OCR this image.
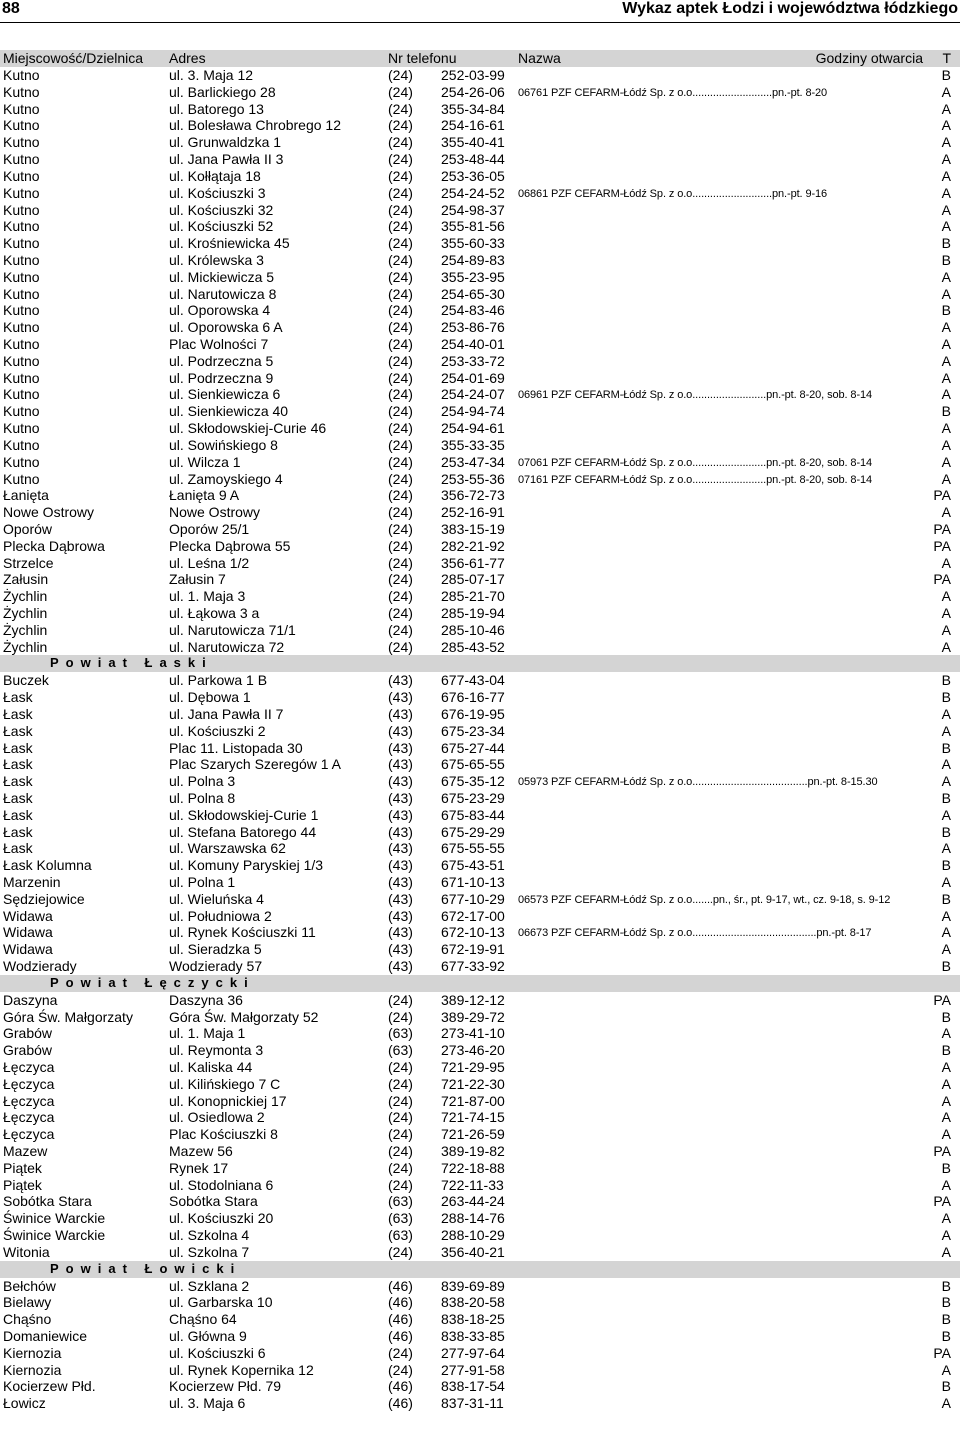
88	Wykaz aptek Łodzi i województwa łódzkiego
Miejscowość/Dzielnica Adres	Nr telefonu	Nazwa	Godziny otwarcia T
Kutno	ul. 3. Maja 12	(24) 252-03-99	B
Kutno	ul. Barlickiego 28	(24) 254-26-06 06761 PZF CEFARM-Łódź Sp. z o.o...........................pn.-pt. 8-20	A
Kutno	ul. Batorego 13	(24) 355-34-84	A
Kutno	ul. Bolesława Chrobrego 12	(24) 254-16-61	A
Kutno	ul. Grunwaldzka 1	(24) 355-40-41	A
Kutno	ul. Jana Pawła II 3	(24) 253-48-44	A
Kutno	ul. Kołłątaja 18	(24) 253-36-05	A
Kutno	ul. Kościuszki 3	(24) 254-24-52 06861 PZF CEFARM-Łódź Sp. z o.o...........................pn.-pt. 9-16	A
Kutno	ul. Kościuszki 32	(24) 254-98-37	A
Kutno	ul. Kościuszki 52	(24) 355-81-56	A
Kutno	ul. Krośniewicka 45	(24) 355-60-33	B
Kutno	ul. Królewska 3	(24) 254-89-83	B
Kutno	ul. Mickiewicza 5	(24) 355-23-95	A
Kutno	ul. Narutowicza 8	(24) 254-65-30	A
Kutno	ul. Oporowska 4	(24) 254-83-46	B
Kutno	ul. Oporowska 6 A	(24) 253-86-76	A
Kutno	Plac Wolności 7	(24) 254-40-01	A
Kutno	ul. Podrzeczna 5	(24) 253-33-72	A
Kutno	ul. Podrzeczna 9	(24) 254-01-69	A
Kutno	ul. Sienkiewicza 6	(24) 254-24-07 06961 PZF CEFARM-Łódź Sp. z o.o.........................pn.-pt. 8-20, sob. 8-14	A
Kutno	ul. Sienkiewicza 40	(24) 254-94-74	B
Kutno	ul. Skłodowskiej-Curie 46	(24) 254-94-61	A
Kutno	ul. Sowińskiego 8	(24) 355-33-35	A
Kutno	ul. Wilcza 1	(24) 253-47-34 07061 PZF CEFARM-Łódź Sp. z o.o.........................pn.-pt. 8-20, sob. 8-14	A
Kutno	ul. Zamoyskiego 4	(24) 253-55-36 07161 PZF CEFARM-Łódź Sp. z o.o.........................pn.-pt. 8-20, sob. 8-14	A
Łanięta	Łanięta 9 A	(24) 356-72-73	PA
Nowe Ostrowy	Nowe Ostrowy	(24) 252-16-91	A
Oporów	Oporów 25/1	(24) 383-15-19	PA
Plecka Dąbrowa	Plecka Dąbrowa 55	(24) 282-21-92	PA
Strzelce	ul. Leśna 1/2	(24) 356-61-77	A
Załusin	Załusin 7	(24) 285-07-17	PA
Żychlin	ul. 1. Maja 3	(24) 285-21-70	A
Żychlin	ul. Łąkowa 3 a	(24) 285-19-94	A
Żychlin	ul. Narutowicza 71/1	(24) 285-10-46	A
Żychlin	ul. Narutowicza 72	(24) 285-43-52	A
Powiat Łaski
Buczek	ul. Parkowa 1 B	(43) 677-43-04	B
Łask	ul. Dębowa 1	(43) 676-16-77	B
Łask	ul. Jana Pawła II 7	(43) 676-19-95	A
Łask	ul. Kościuszki 2	(43) 675-23-34	A
Łask	Plac 11. Listopada 30	(43) 675-27-44	B
Łask	Plac Szarych Szeregów 1 A	(43) 675-65-55	A
Łask	ul. Polna 3	(43) 675-35-12 05973 PZF CEFARM-Łódź Sp. z o.o.......................................pn.-pt. 8-15.30	A
Łask	ul. Polna 8	(43) 675-23-29	B
Łask	ul. Skłodowskiej-Curie 1	(43) 675-83-44	A
Łask	ul. Stefana Batorego 44	(43) 675-29-29	B
Łask	ul. Warszawska 62	(43) 675-55-55	A
Łask Kolumna	ul. Komuny Paryskiej 1/3	(43) 675-43-51	B
Marzenin	ul. Polna 1	(43) 671-10-13	A
Sędziejowice	ul. Wieluńska 4	(43) 677-10-29 06573 PZF CEFARM-Łódź Sp. z o.o.......pn., śr., pt. 9-17, wt., cz. 9-18, s. 9-12	B
Widawa	ul. Południowa 2	(43) 672-17-00	A
Widawa	ul. Rynek Kościuszki 11	(43) 672-10-13 06673 PZF CEFARM-Łódź Sp. z o.o..........................................pn.-pt. 8-17	A
Widawa	ul. Sieradzka 5	(43) 672-19-91	A
Wodzierady	Wodzierady 57	(43) 677-33-92	B
Powiat Łęczycki
Daszyna	Daszyna 36	(24) 389-12-12	PA
Góra Św. Małgorzaty	Góra Św. Małgorzaty 52	(24) 389-29-72	B
Grabów	ul. 1. Maja 1	(63) 273-41-10	A
Grabów	ul. Reymonta 3	(63) 273-46-20	B
Łęczyca	ul. Kaliska 44	(24) 721-29-95	A
Łęczyca	ul. Kilińskiego 7 C	(24) 721-22-30	A
Łęczyca	ul. Konopnickiej 17	(24) 721-87-00	A
Łęczyca	ul. Osiedlowa 2	(24) 721-74-15	A
Łęczyca	Plac Kościuszki 8	(24) 721-26-59	A
Mazew	Mazew 56	(24) 389-19-82	PA
Piątek	Rynek 17	(24) 722-18-88	B
Piątek	ul. Stodolniana 6	(24) 722-11-33	A
Sobótka Stara	Sobótka Stara	(63) 263-44-24	PA
Świnice Warckie	ul. Kościuszki 20	(63) 288-14-76	A
Świnice Warckie	ul. Szkolna 4	(63) 288-10-29	A
Witonia	ul. Szkolna 7	(24) 356-40-21	A
Powiat Łowicki
Bełchów	ul. Szklana 2	(46) 839-69-89	B
Bielawy	ul. Garbarska 10	(46) 838-20-58	B
Chąśno	Chąśno 64	(46) 838-18-25	B
Domaniewice	ul. Główna 9	(46) 838-33-85	B
Kiernozia	ul. Kościuszki 6	(24) 277-97-64	PA
Kiernozia	ul. Rynek Kopernika 12	(24) 277-91-58	A
Kocierzew Płd.	Kocierzew Płd. 79	(46) 838-17-54	B
Łowicz	ul. 3. Maja 6	(46) 837-31-11	A
